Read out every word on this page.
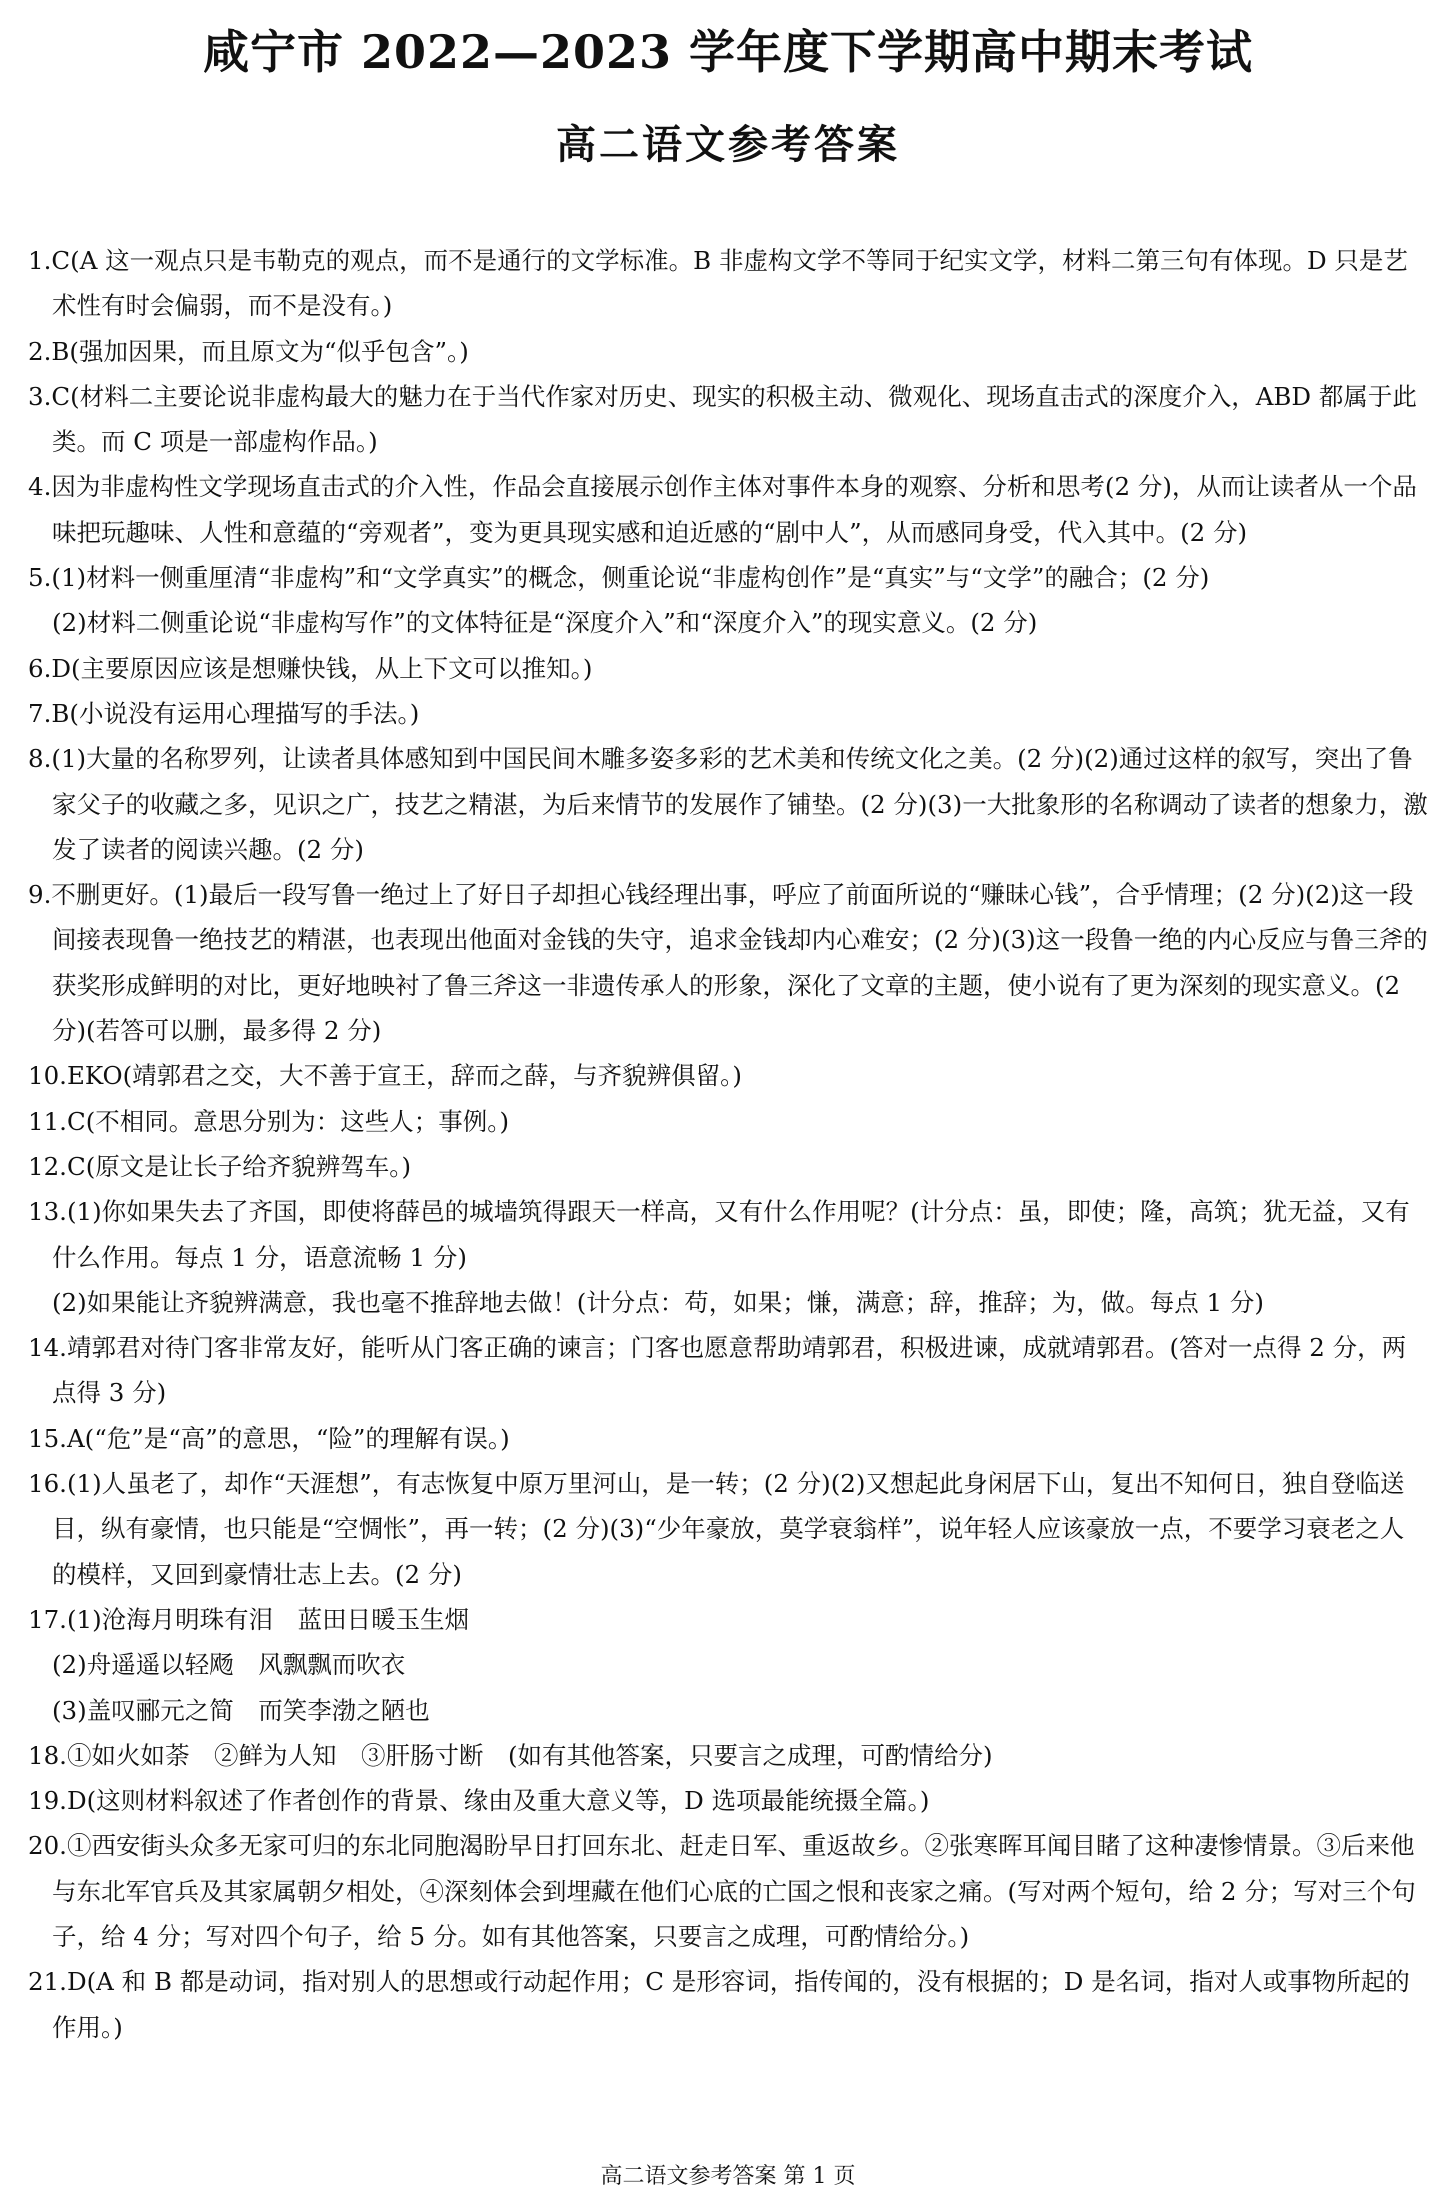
咸宁市 2022—2023 学年度下学期高中期末考试
高二语文参考答案

1.C(A 这一观点只是韦勒克的观点，而不是通行的文学标准。B 非虚构文学不等同于纪实文学，材料二第三句有体现。D 只是艺术性有时会偏弱，而不是没有。)

2.B(强加因果，而且原文为“似乎包含”。)

3.C(材料二主要论说非虚构最大的魅力在于当代作家对历史、现实的积极主动、微观化、现场直击式的深度介入，ABD 都属于此类。而 C 项是一部虚构作品。)

4.因为非虚构性文学现场直击式的介入性，作品会直接展示创作主体对事件本身的观察、分析和思考(2 分)，从而让读者从一个品味把玩趣味、人性和意蕴的“旁观者”，变为更具现实感和迫近感的“剧中人”，从而感同身受，代入其中。(2 分)

5.(1)材料一侧重厘清“非虚构”和“文学真实”的概念，侧重论说“非虚构创作”是“真实”与“文学”的融合；(2 分)

(2)材料二侧重论说“非虚构写作”的文体特征是“深度介入”和“深度介入”的现实意义。(2 分)

6.D(主要原因应该是想赚快钱，从上下文可以推知。)

7.B(小说没有运用心理描写的手法。)

8.(1)大量的名称罗列，让读者具体感知到中国民间木雕多姿多彩的艺术美和传统文化之美。(2 分)(2)通过这样的叙写，突出了鲁家父子的收藏之多，见识之广，技艺之精湛，为后来情节的发展作了铺垫。(2 分)(3)一大批象形的名称调动了读者的想象力，激发了读者的阅读兴趣。(2 分)

9.不删更好。(1)最后一段写鲁一绝过上了好日子却担心钱经理出事，呼应了前面所说的“赚昧心钱”，合乎情理；(2 分)(2)这一段间接表现鲁一绝技艺的精湛，也表现出他面对金钱的失守，追求金钱却内心难安；(2 分)(3)这一段鲁一绝的内心反应与鲁三斧的获奖形成鲜明的对比，更好地映衬了鲁三斧这一非遗传承人的形象，深化了文章的主题，使小说有了更为深刻的现实意义。(2 分)(若答可以删，最多得 2 分)

10.EKO(靖郭君之交，大不善于宣王，辞而之薛，与齐貌辨俱留。)

11.C(不相同。意思分别为：这些人；事例。)

12.C(原文是让长子给齐貌辨驾车。)

13.(1)你如果失去了齐国，即使将薛邑的城墙筑得跟天一样高，又有什么作用呢？(计分点：虽，即使；隆，高筑；犹无益，又有什么作用。每点 1 分，语意流畅 1 分)

(2)如果能让齐貌辨满意，我也毫不推辞地去做！(计分点：苟，如果；慊，满意；辞，推辞；为，做。每点 1 分)

14.靖郭君对待门客非常友好，能听从门客正确的谏言；门客也愿意帮助靖郭君，积极进谏，成就靖郭君。(答对一点得 2 分，两点得 3 分)

15.A(“危”是“高”的意思，“险”的理解有误。)

16.(1)人虽老了，却作“天涯想”，有志恢复中原万里河山，是一转；(2 分)(2)又想起此身闲居下山，复出不知何日，独自登临送目，纵有豪情，也只能是“空惆怅”，再一转；(2 分)(3)“少年豪放，莫学衰翁样”，说年轻人应该豪放一点，不要学习衰老之人的模样，又回到豪情壮志上去。(2 分)

17.(1)沧海月明珠有泪　蓝田日暖玉生烟

(2)舟遥遥以轻飏　风飘飘而吹衣

(3)盖叹郦元之简　而笑李渤之陋也

18.①如火如荼　②鲜为人知　③肝肠寸断　(如有其他答案，只要言之成理，可酌情给分)

19.D(这则材料叙述了作者创作的背景、缘由及重大意义等，D 选项最能统摄全篇。)

20.①西安街头众多无家可归的东北同胞渴盼早日打回东北、赶走日军、重返故乡。②张寒晖耳闻目睹了这种凄惨情景。③后来他与东北军官兵及其家属朝夕相处，④深刻体会到埋藏在他们心底的亡国之恨和丧家之痛。(写对两个短句，给 2 分；写对三个句子，给 4 分；写对四个句子，给 5 分。如有其他答案，只要言之成理，可酌情给分。)

21.D(A 和 B 都是动词，指对别人的思想或行动起作用；C 是形容词，指传闻的，没有根据的；D 是名词，指对人或事物所起的作用。)

高二语文参考答案 第 1 页
